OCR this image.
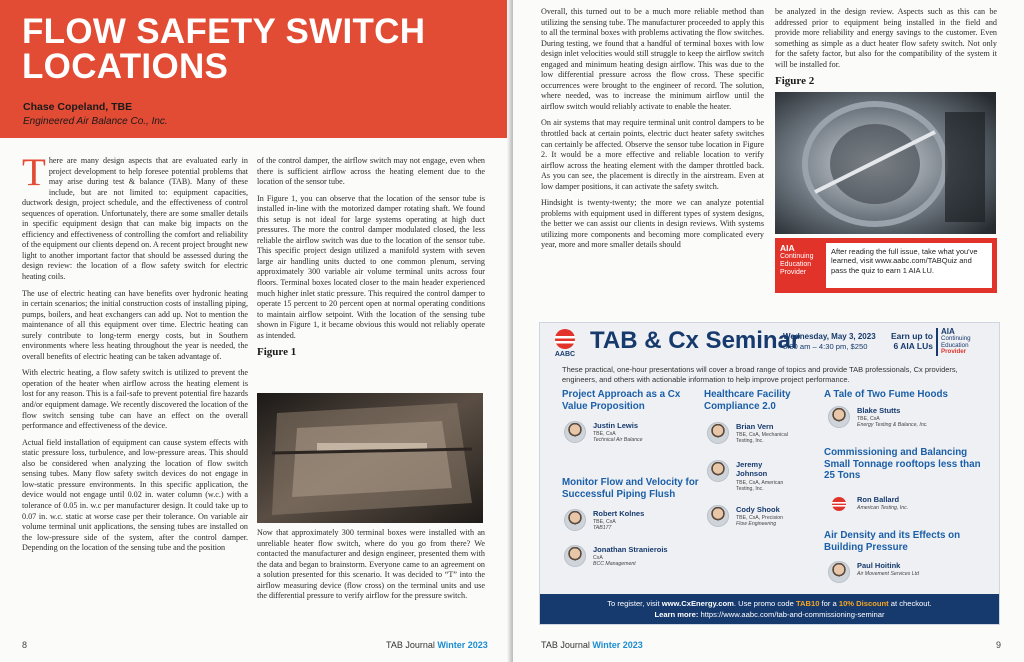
FLOW SAFETY SWITCH LOCATIONS
Chase Copeland, TBE
Engineered Air Balance Co., Inc.

There are many design aspects that are evaluated early in project development to help foresee potential problems that may arise during test & balance (TAB). Many of these include, but are not limited to: equipment capacities, ductwork design, project schedule, and the effectiveness of control sequences of operation. Unfortunately, there are some smaller details in specific equipment design that can make big impacts on the efficiency and effectiveness of controlling the comfort and reliability of the equipment our clients depend on. A recent project brought new light to another important factor that should be assessed during the design review: the location of a flow safety switch for electric heating coils.

The use of electric heating can have benefits over hydronic heating in certain scenarios; the initial construction costs of installing piping, pumps, boilers, and heat exchangers can add up. Not to mention the maintenance of all this equipment over time. Electric heating can surely contribute to long-term energy costs, but in Southern environments where less heating throughout the year is needed, the overall benefits of electric heating can be taken advantage of.

With electric heating, a flow safety switch is utilized to prevent the operation of the heater when airflow across the heating element is lost for any reason. This is a fail-safe to prevent potential fire hazards and/or equipment damage. We recently discovered the location of the flow switch sensing tube can have an effect on the overall performance and effectiveness of the device.

Actual field installation of equipment can cause system effects with static pressure loss, turbulence, and low-pressure areas. This should also be considered when analyzing the location of flow switch sensing tubes. Many flow safety switch devices do not engage in low-static pressure environments. In this specific application, the device would not engage until 0.02 in. water column (w.c.) with a tolerance of 0.05 in. w.c per manufacturer design. It could take up to 0.07 in. w.c. static at worse case per their tolerance. On variable air volume terminal unit applications, the sensing tubes are installed on the low-pressure side of the system, after the control damper. Depending on the location of the sensing tube and the position

of the control damper, the airflow switch may not engage, even when there is sufficient airflow across the heating element due to the location of the sensor tube.

In Figure 1, you can observe that the location of the sensor tube is installed in-line with the motorized damper rotating shaft. We found this setup is not ideal for large systems operating at high duct pressures. The more the control damper modulated closed, the less reliable the airflow switch was due to the location of the sensor tube. This specific project design utilized a manifold system with seven large air handling units ducted to one common plenum, serving approximately 300 variable air volume terminal units across four floors. Terminal boxes located closer to the main header experienced much higher inlet static pressure. This required the control damper to operate 15 percent to 20 percent open at normal operating conditions to maintain airflow setpoint. With the location of the sensing tube shown in Figure 1, it became obvious this would not reliably operate as intended.

Figure 1

Now that approximately 300 terminal boxes were installed with an unreliable heater flow switch, where do you go from there? We contacted the manufacturer and design engineer, presented them with the data and began to brainstorm. Everyone came to an agreement on a solution presented for this scenario. It was decided to “T” into the airflow measuring device (flow cross) on the terminal units and use the differential pressure to verify airflow for the pressure switch.

8	TAB Journal Winter 2023

Overall, this turned out to be a much more reliable method than utilizing the sensing tube. The manufacturer proceeded to apply this to all the terminal boxes with problems activating the flow switches. During testing, we found that a handful of terminal boxes with low design inlet velocities would still struggle to keep the airflow switch engaged and minimum heating design airflow. This was due to the low differential pressure across the flow cross. These specific occurrences were brought to the engineer of record. The solution, where needed, was to increase the minimum airflow until the airflow switch would reliably activate to enable the heater.

On air systems that may require terminal unit control dampers to be throttled back at certain points, electric duct heater safety switches can certainly be affected. Observe the sensor tube location in Figure 2. It would be a more effective and reliable location to verify airflow across the heating element with the damper throttled back. As you can see, the placement is directly in the airstream. Even at low damper positions, it can activate the safety switch.

Hindsight is twenty-twenty; the more we can analyze potential problems with equipment used in different types of system designs, the better we can assist our clients in design reviews. With systems utilizing more components and becoming more complicated every year, more and more smaller details should

be analyzed in the design review. Aspects such as this can be addressed prior to equipment being installed in the field and provide more reliability and energy savings to the customer. Even something as simple as a duct heater flow safety switch. Not only for the safety factor, but also for the compatibility of the system it will be installed for.

Figure 2
AIA
Continuing
Education
Provider
After reading the full issue, take what you've learned, visit www.aabc.com/TABQuiz and pass the quiz to earn 1 AIA LU.
AABC
TAB & Cx Seminar
Wednesday, May 3, 2023
8:30 am – 4:30 pm, $250
Earn up to
6 AIA LUs
AIA
Continuing
Education
Provider
These practical, one-hour presentations will cover a broad range of topics and provide TAB professionals, Cx providers, engineers, and others with actionable information to help improve project performance.
Project Approach as a Cx Value Proposition
Justin Lewis
TBE, CxA
Technical Air Balance
Monitor Flow and Velocity for Successful Piping Flush
Robert Kolnes
TBE, CxA
TAB177
Jonathan Stranierois
CxA
BCC Management
Healthcare Facility Compliance 2.0
Brian Vern
TBE, CxA, Mechanical Testing, Inc.
Jeremy Johnson
TBE, CxA, American Testing, Inc.
Cody Shook
TBE, CxA, Precision
Flow Engineering
A Tale of Two Fume Hoods
Blake Stutts
TBE, CxA
Energy Testing & Balance, Inc.
Commissioning and Balancing Small Tonnage rooftops less than 25 Tons
Ron Ballard
American Testing, Inc.
Air Density and its Effects on Building Pressure
Paul Hoitink
Air Movement Services Ltd
To register, visit www.CxEnergy.com. Use promo code TAB10 for a 10% Discount at checkout.
Learn more: https://www.aabc.com/tab-and-commissioning-seminar
TAB Journal Winter 2023	9
